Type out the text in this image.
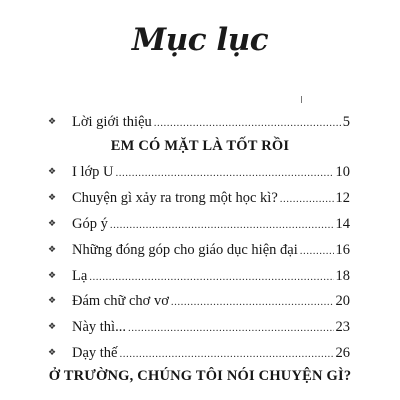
Mục lục
❖ Lời giới thiệu .....	5
EM CÓ MẶT LÀ TỐT RỒI
❖ I lớp U .....	10
❖ Chuyện gì xảy ra trong một học kì? .....	12
❖ Góp ý .....	14
❖ Những đóng góp cho giáo dục hiện đại .....	16
❖ Lạ .....	18
❖ Đám chữ chơ vơ .....	20
❖ Này thì... .....	23
❖ Dạy thế .....	26
Ở TRƯỜNG, CHÚNG TÔI NÓI CHUYỆN GÌ?
